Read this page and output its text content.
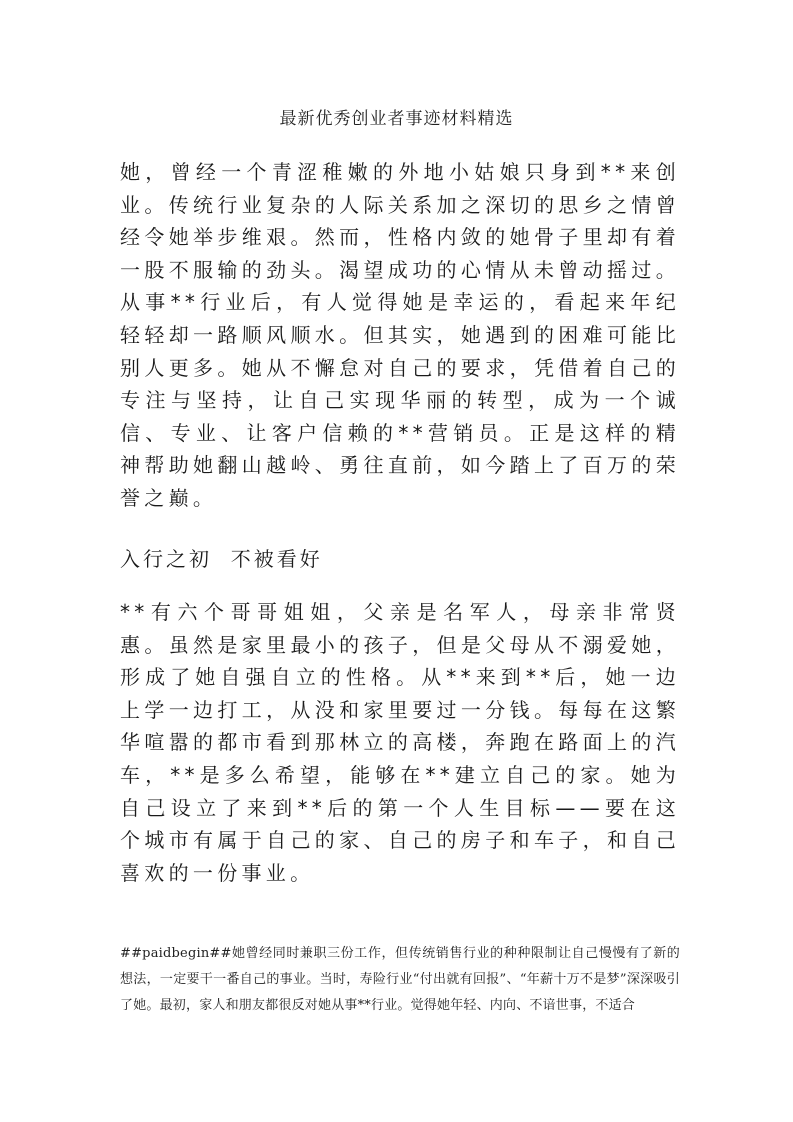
最新优秀创业者事迹材料精选

她，曾经一个青涩稚嫩的外地小姑娘只身到**来创业。传统行业复杂的人际关系加之深切的思乡之情曾经令她举步维艰。然而，性格内敛的她骨子里却有着一股不服输的劲头。渴望成功的心情从未曾动摇过。从事**行业后，有人觉得她是幸运的，看起来年纪轻轻却一路顺风顺水。但其实，她遇到的困难可能比别人更多。她从不懈怠对自己的要求，凭借着自己的专注与坚持，让自己实现华丽的转型，成为一个诚信、专业、让客户信赖的**营销员。正是这样的精神帮助她翻山越岭、勇往直前，如今踏上了百万的荣誉之巅。

入行之初  不被看好

**有六个哥哥姐姐，父亲是名军人，母亲非常贤惠。虽然是家里最小的孩子，但是父母从不溺爱她，形成了她自强自立的性格。从**来到**后，她一边上学一边打工，从没和家里要过一分钱。每每在这繁华喧嚣的都市看到那林立的高楼，奔跑在路面上的汽车，**是多么希望，能够在**建立自己的家。她为自己设立了来到**后的第一个人生目标——要在这个城市有属于自己的家、自己的房子和车子，和自己喜欢的一份事业。

##paidbegin##她曾经同时兼职三份工作，但传统销售行业的种种限制让自己慢慢有了新的想法，一定要干一番自己的事业。当时，寿险行业“付出就有回报”、“年薪十万不是梦”深深吸引了她。最初，家人和朋友都很反对她从事**行业。觉得她年轻、内向、不谙世事，不适合
